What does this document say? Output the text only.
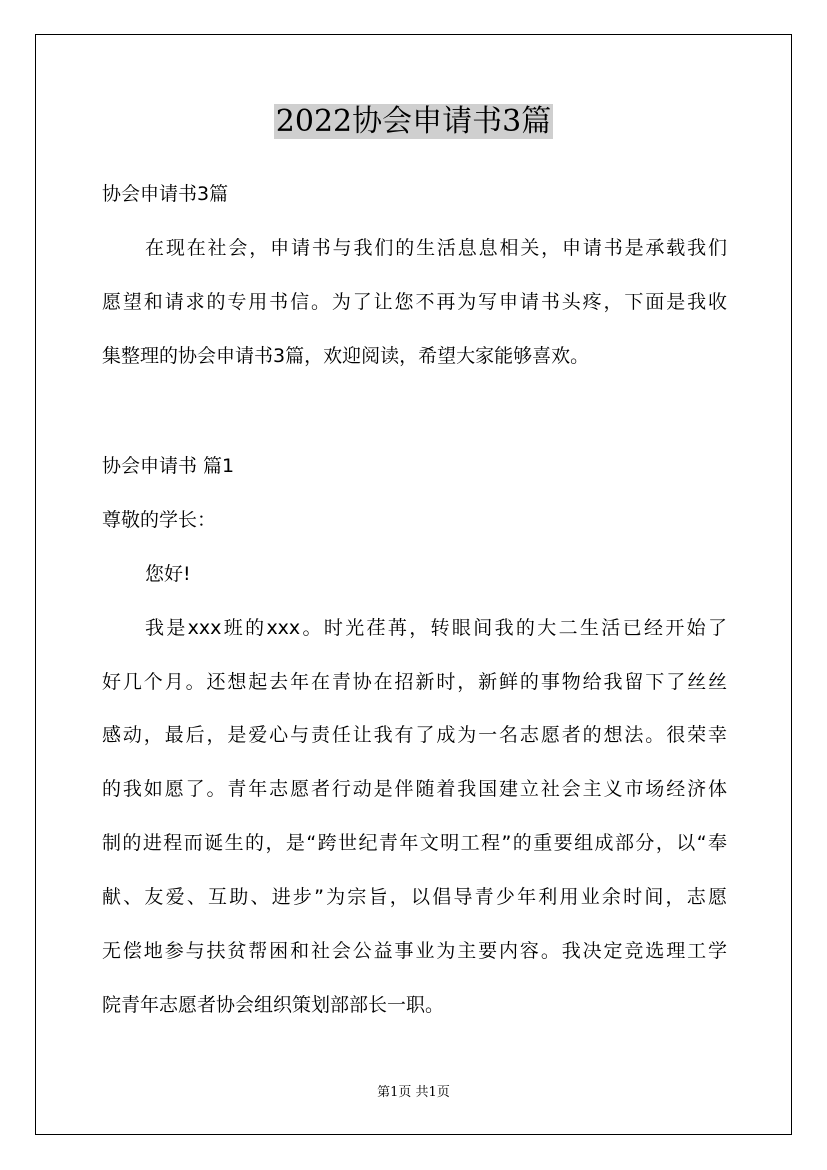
2022协会申请书3篇
协会申请书3篇
在现在社会，申请书与我们的生活息息相关，申请书是承载我们
愿望和请求的专用书信。为了让您不再为写申请书头疼，下面是我收
集整理的协会申请书3篇，欢迎阅读，希望大家能够喜欢。
协会申请书 篇1
尊敬的学长：
您好!
我是xxx班的xxx。时光荏苒，转眼间我的大二生活已经开始了
好几个月。还想起去年在青协在招新时，新鲜的事物给我留下了丝丝
感动，最后，是爱心与责任让我有了成为一名志愿者的想法。很荣幸
的我如愿了。青年志愿者行动是伴随着我国建立社会主义市场经济体
制的进程而诞生的，是“跨世纪青年文明工程”的重要组成部分，以“奉
献、友爱、互助、进步”为宗旨，以倡导青少年利用业余时间，志愿
无偿地参与扶贫帮困和社会公益事业为主要内容。我决定竞选理工学
院青年志愿者协会组织策划部部长一职。
第1页 共1页
